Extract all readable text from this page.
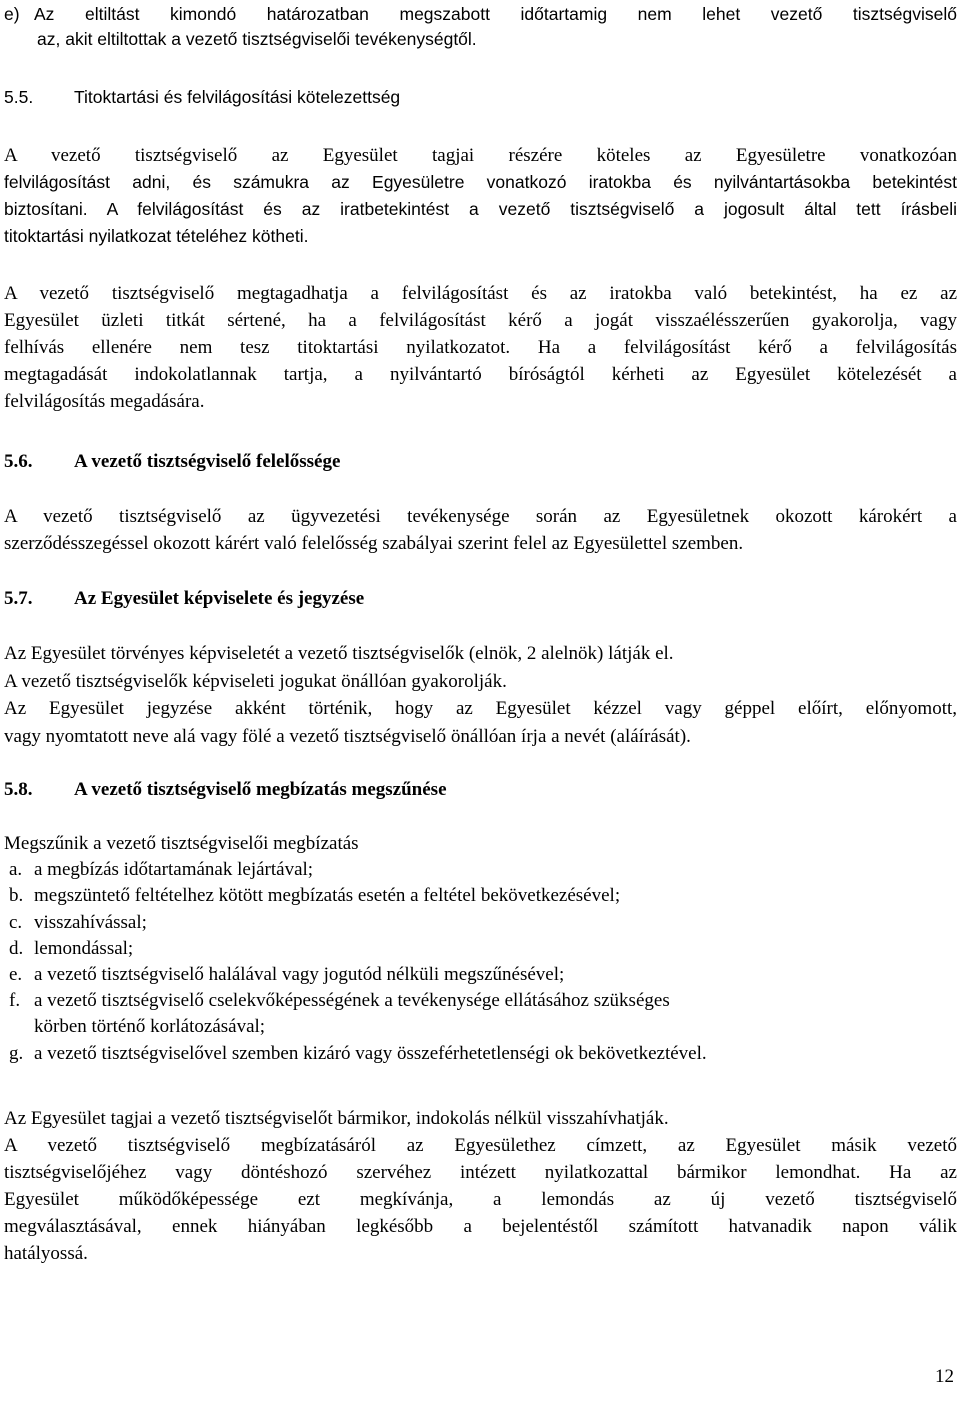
e) Az eltiltást kimondó határozatban megszabott időtartamig nem lehet vezető tisztségviselő
az, akit eltiltottak a vezető tisztségviselői tevékenységtől.
5.5. Titoktartási és felvilágosítási kötelezettség
A vezető tisztségviselő az Egyesület tagjai részére köteles az Egyesületre vonatkozóan
felvilágosítást adni, és számukra az Egyesületre vonatkozó iratokba és nyilvántartásokba betekintést
biztosítani. A felvilágosítást és az iratbetekintést a vezető tisztségviselő a jogosult által tett írásbeli
titoktartási nyilatkozat tételéhez kötheti.
A vezető tisztségviselő megtagadhatja a felvilágosítást és az iratokba való betekintést, ha ez az
Egyesület üzleti titkát sértené, ha a felvilágosítást kérő a jogát visszaélésszerűen gyakorolja, vagy
felhívás ellenére nem tesz titoktartási nyilatkozatot. Ha a felvilágosítást kérő a felvilágosítás
megtagadását indokolatlannak tartja, a nyilvántartó bíróságtól kérheti az Egyesület kötelezését a
felvilágosítás megadására.
5.6. A vezető tisztségviselő felelőssége
A vezető tisztségviselő az ügyvezetési tevékenysége során az Egyesületnek okozott károkért a
szerződésszegéssel okozott kárért való felelősség szabályai szerint felel az Egyesülettel szemben.
5.7. Az Egyesület képviselete és jegyzése
Az Egyesület törvényes képviseletét a vezető tisztségviselők (elnök, 2 alelnök) látják el.
A vezető tisztségviselők képviseleti jogukat önállóan gyakorolják.
Az Egyesület jegyzése akként történik, hogy az Egyesület kézzel vagy géppel előírt, előnyomott,
vagy nyomtatott neve alá vagy fölé a vezető tisztségviselő önállóan írja a nevét (aláírását).
5.8. A vezető tisztségviselő megbízatás megszűnése
Megszűnik a vezető tisztségviselői megbízatás
a. a megbízás időtartamának lejártával;
b. megszüntető feltételhez kötött megbízatás esetén a feltétel bekövetkezésével;
c. visszahívással;
d. lemondással;
e. a vezető tisztségviselő halálával vagy jogutód nélküli megszűnésével;
f. a vezető tisztségviselő cselekvőképességének a tevékenysége ellátásához szükséges
körben történő korlátozásával;
g. a vezető tisztségviselővel szemben kizáró vagy összeférhetetlenségi ok bekövetkeztével.
Az Egyesület tagjai a vezető tisztségviselőt bármikor, indokolás nélkül visszahívhatják.
A vezető tisztségviselő megbízatásáról az Egyesülethez címzett, az Egyesület másik vezető
tisztségviselőjéhez vagy döntéshozó szervéhez intézett nyilatkozattal bármikor lemondhat. Ha az
Egyesület működőképessége ezt megkívánja, a lemondás az új vezető tisztségviselő
megválasztásával, ennek hiányában legkésőbb a bejelentéstől számított hatvanadik napon válik
hatályossá.
12
